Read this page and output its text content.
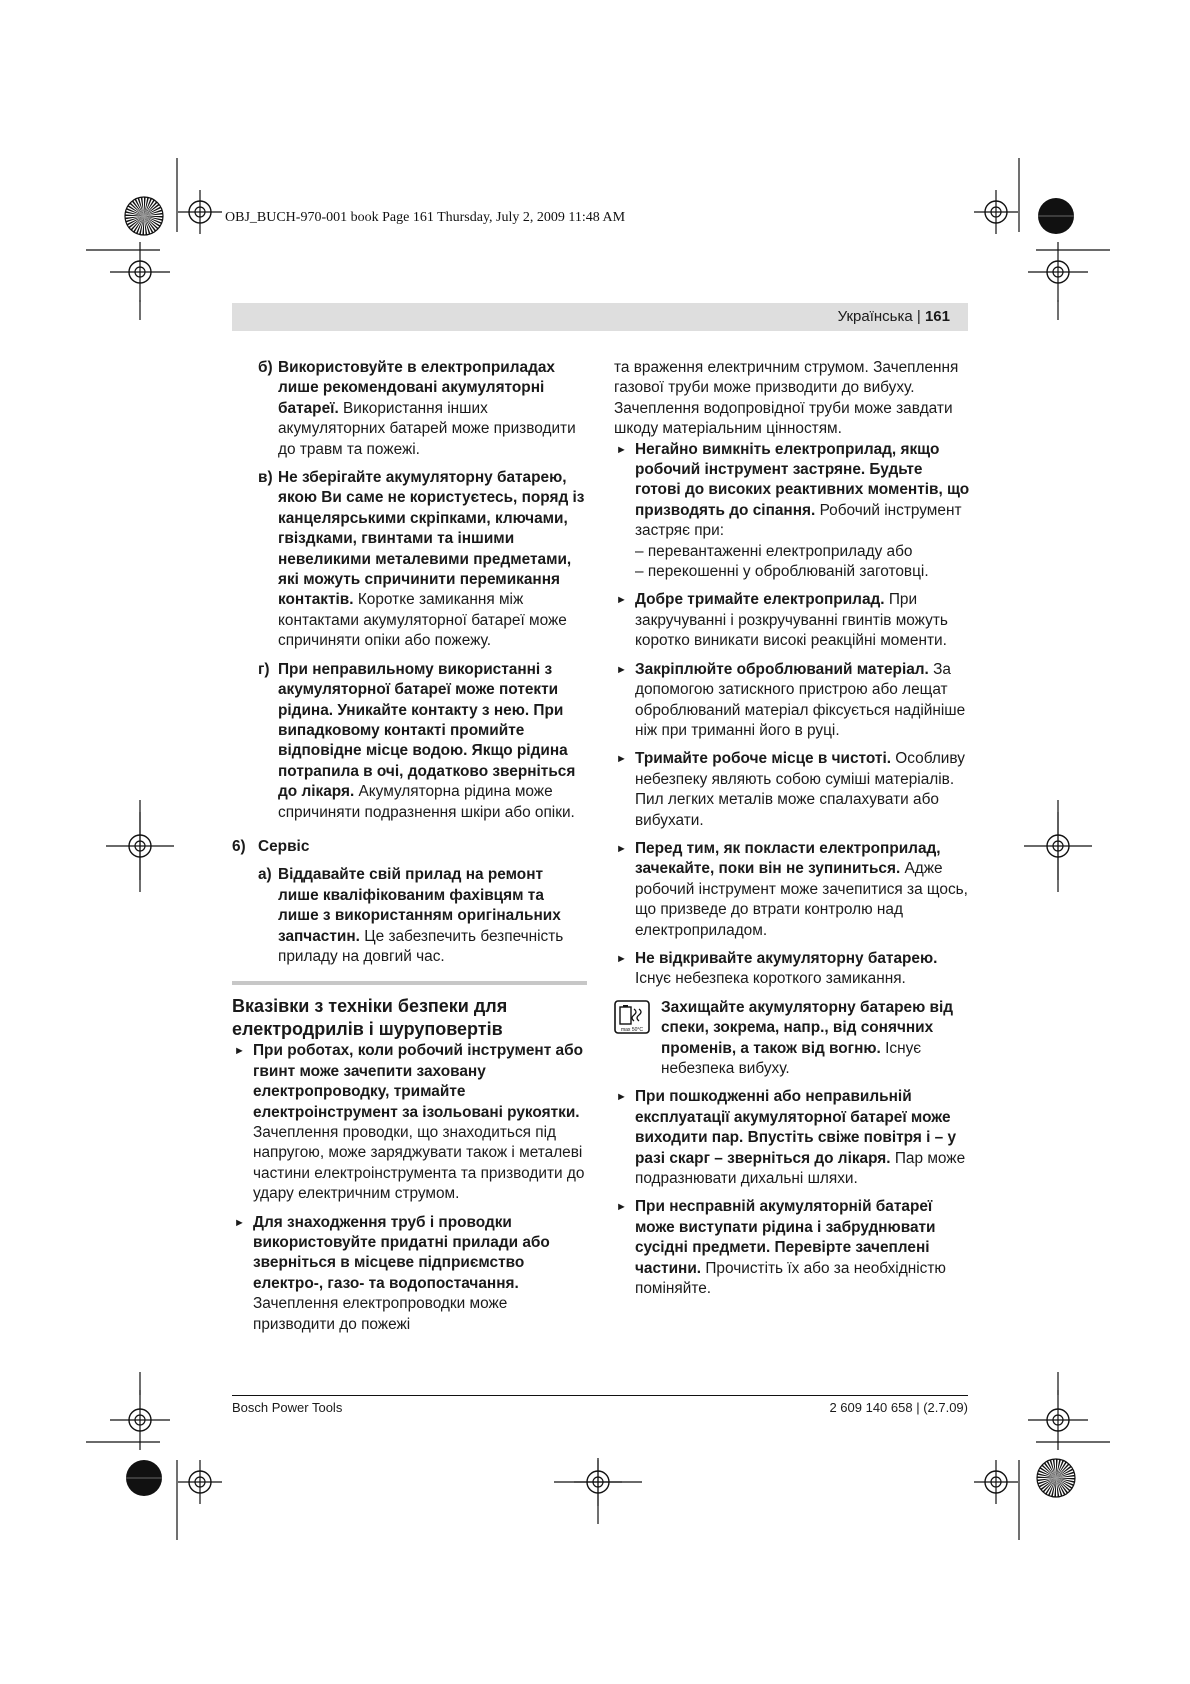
OBJ_BUCH-970-001 book Page 161 Thursday, July 2, 2009 11:48 AM
Українська | 161
б) Використовуйте в електроприладах лише рекомендовані акумуляторні батареї. Використання інших акумуляторних батарей може призводити до травм та пожежі.

в) Не зберігайте акумуляторну батарею, якою Ви саме не користуєтесь, поряд із канцелярськими скріпками, ключами, гвіздками, гвинтами та іншими невеликими металевими предметами, які можуть спричинити перемикання контактів. Коротке замикання між контактами акумуляторної батареї може спричиняти опіки або пожежу.

г) При неправильному використанні з акумуляторної батареї може потекти рідина. Уникайте контакту з нею. При випадковому контакті промийте відповідне місце водою. Якщо рідина потрапила в очі, додатково зверніться до лікаря. Акумуляторна рідина може спричиняти подразнення шкіри або опіки.

6) Сервіс

а) Віддавайте свій прилад на ремонт лише кваліфікованим фахівцям та лише з використанням оригінальних запчастин. Це забезпечить безпечність приладу на довгий час.

Вказівки з техніки безпеки для електродрилів і шуруповертів

► При роботах, коли робочий інструмент або гвинт може зачепити заховану електропроводку, тримайте електроінструмент за ізольовані рукоятки. Зачеплення проводки, що знаходиться під напругою, може заряджувати також і металеві частини електроінструмента та призводити до удару електричним струмом.

► Для знаходження труб і проводки використовуйте придатні прилади або зверніться в місцеве підприємство електро-, газо- та водопостачання. Зачеплення електропроводки може призводити до пожежі

та враження електричним струмом. Зачеплення газової труби може призводити до вибуху. Зачеплення водопровідної труби може завдати шкоду матеріальним цінностям.

► Негайно вимкніть електроприлад, якщо робочий інструмент застряне. Будьте готові до високих реактивних моментів, що призводять до сіпання. Робочий інструмент застряє при:

– перевантаженні електроприладу або

– перекошенні у оброблюваній заготовці.

► Добре тримайте електроприлад. При закручуванні і розкручуванні гвинтів можуть коротко виникати високі реакційні моменти.

► Закріплюйте оброблюваний матеріал. За допомогою затискного пристрою або лещат оброблюваний матеріал фіксується надійніше ніж при триманні його в руці.

► Тримайте робоче місце в чистоті. Особливу небезпеку являють собою суміші матеріалів. Пил легких металів може спалахувати або вибухати.

► Перед тим, як покласти електроприлад, зачекайте, поки він не зупиниться. Адже робочий інструмент може зачепитися за щось, що призведе до втрати контролю над електроприладом.

► Не відкривайте акумуляторну батарею. Існує небезпека короткого замикання.

max 50°C

Захищайте акумуляторну батарею від спеки, зокрема, напр., від сонячних променів, а також від вогню. Існує небезпека вибуху.

► При пошкодженні або неправильній експлуатації акумуляторної батареї може виходити пар. Впустіть свіже повітря і – у разі скарг – зверніться до лікаря. Пар може подразнювати дихальні шляхи.

► При несправній акумуляторній батареї може виступати рідина і забруднювати сусідні предмети. Перевірте зачеплені частини. Прочистіть їх або за необхідністю поміняйте.

Bosch Power Tools	2 609 140 658 | (2.7.09)
